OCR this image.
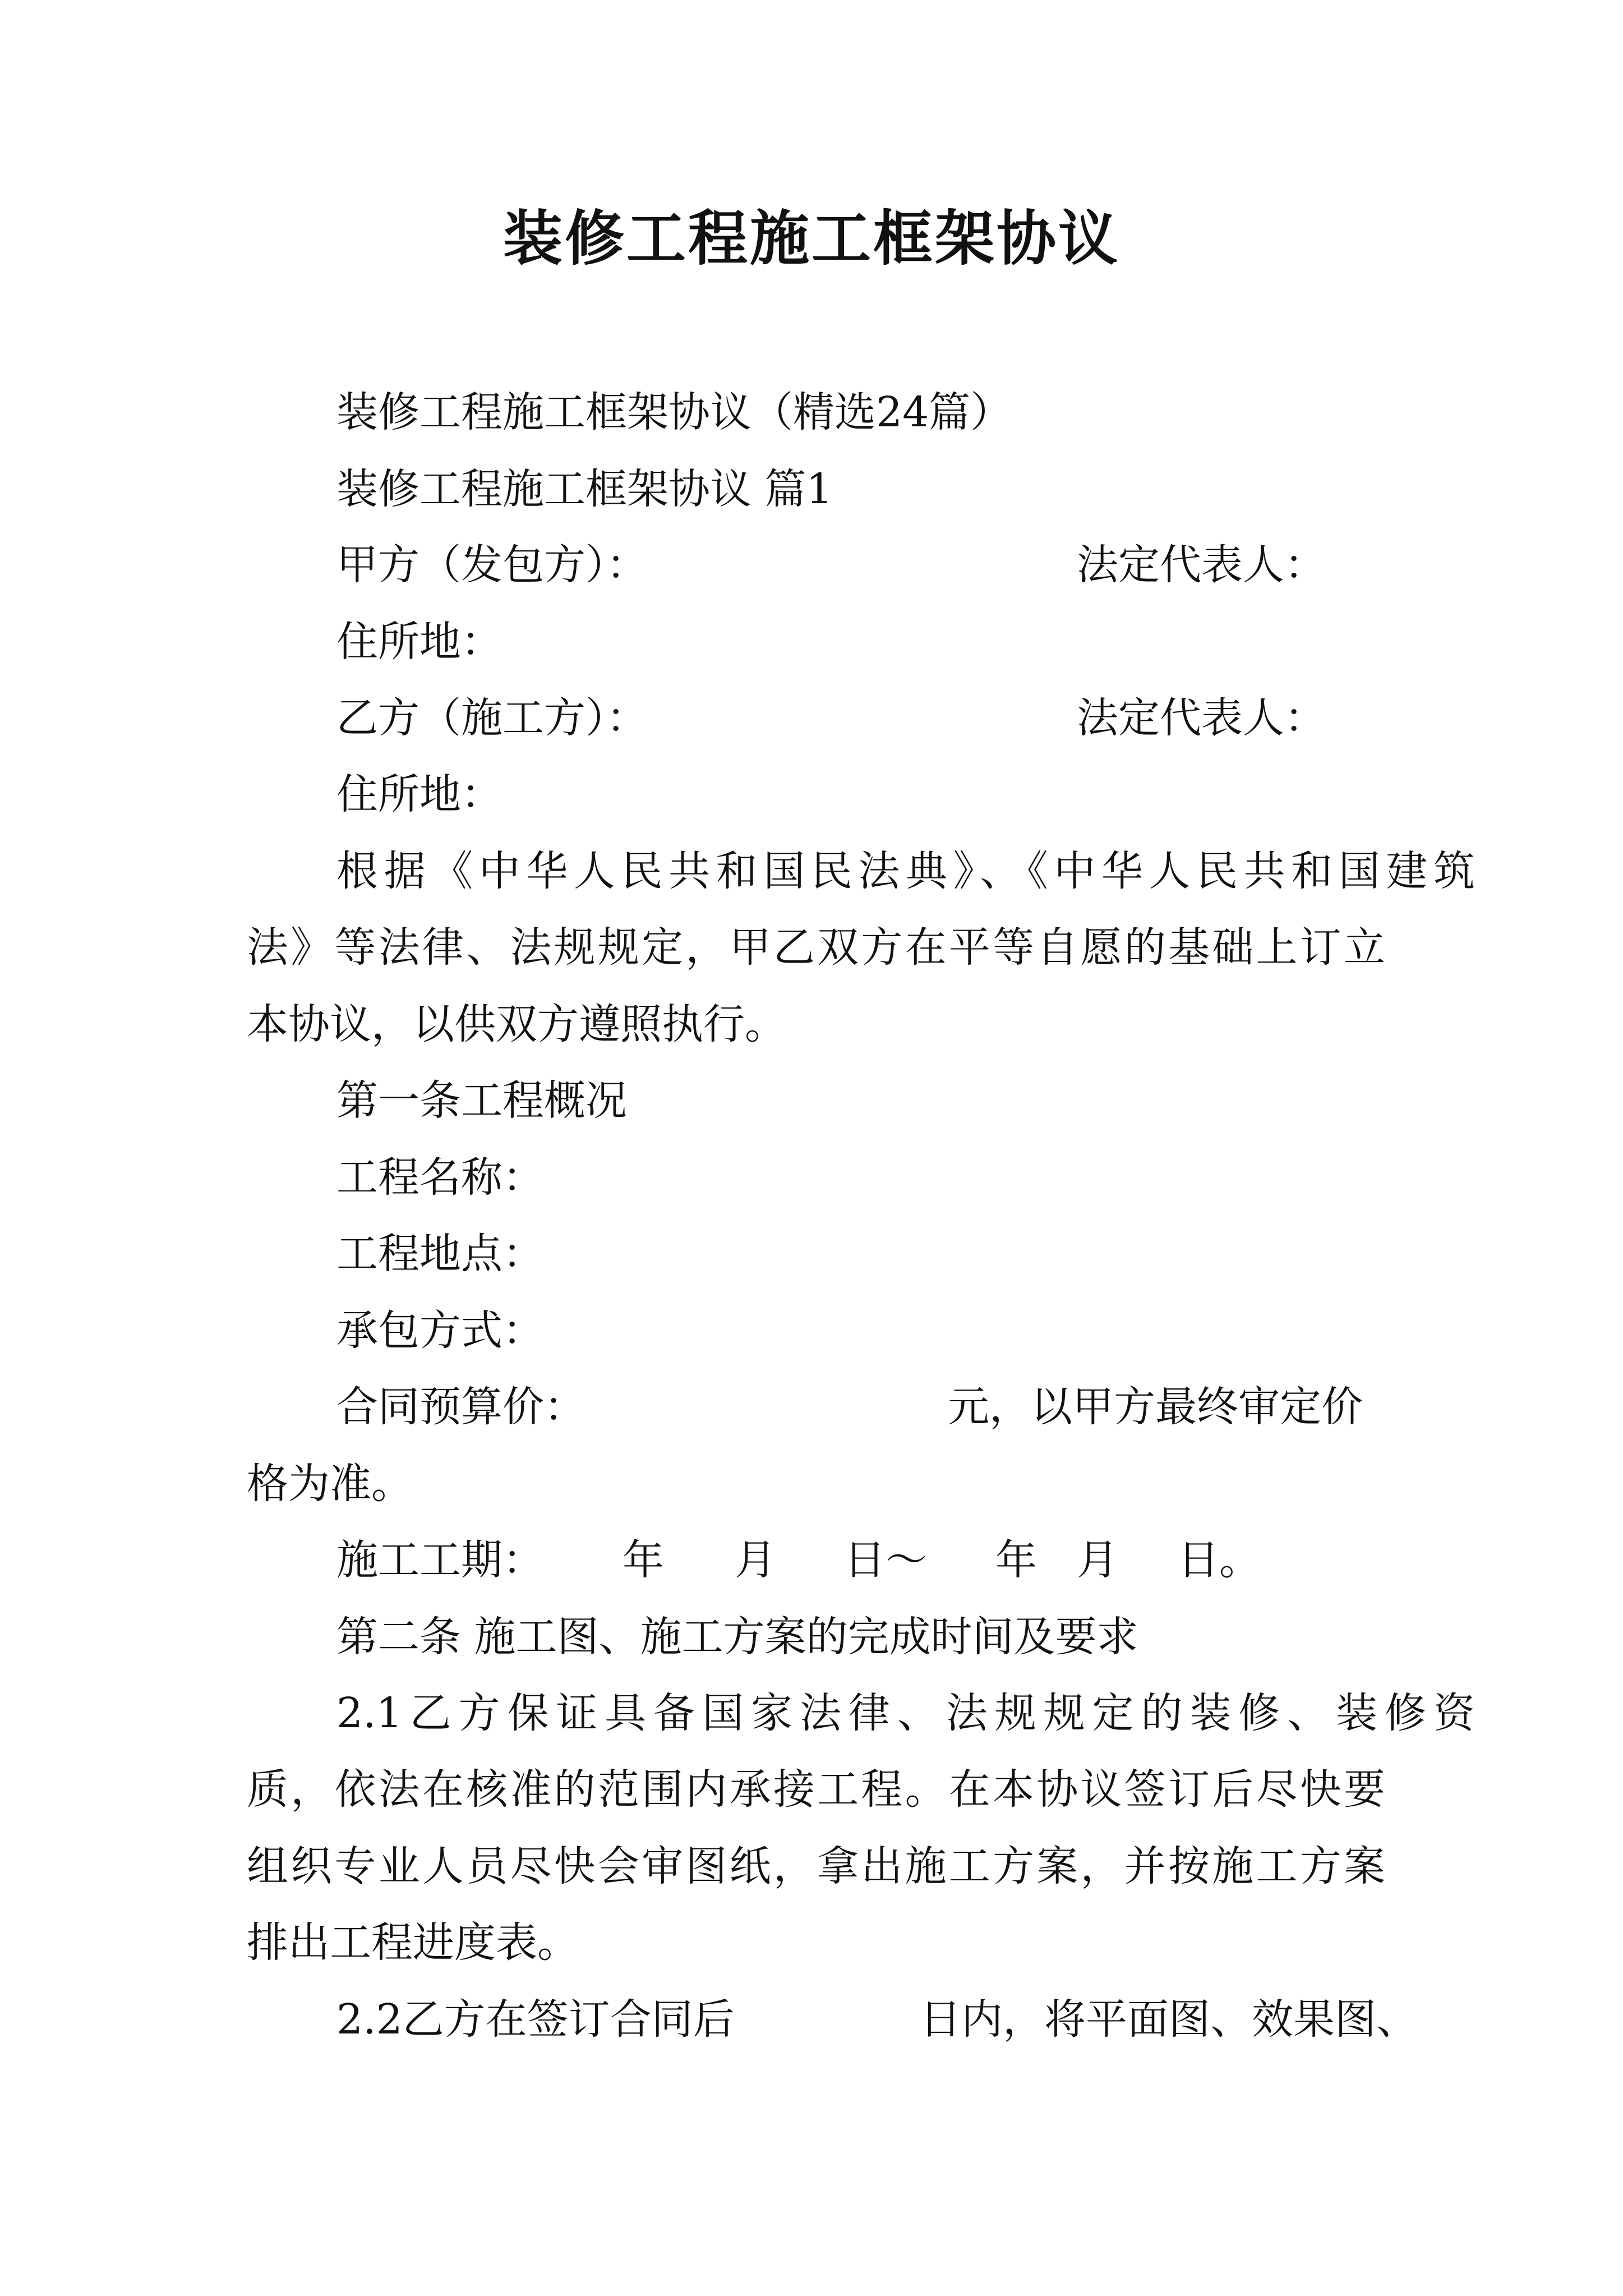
装修工程施工框架协议
装修工程施工框架协议（精选24篇）
装修工程施工框架协议 篇1
甲方（发包方）：	法定代表人：
住所地：
乙方（施工方）：	法定代表人：
住所地：
根据《中华人民共和国民法典》、《中华人民共和国建筑
法》等法律、法规规定，甲乙双方在平等自愿的基础上订立
本协议，以供双方遵照执行。
第一条工程概况
工程名称：
工程地点：
承包方式：
合同预算价：	元，以甲方最终审定价
格为准。
施工工期： 年 月 日～ 年 月 日。
第二条 施工图、施工方案的完成时间及要求
2.1乙方保证具备国家法律、法规规定的装修、装修资
质，依法在核准的范围内承接工程。在本协议签订后尽快要
组织专业人员尽快会审图纸，拿出施工方案，并按施工方案
排出工程进度表。
2.2乙方在签订合同后	日内，将平面图、效果图、
